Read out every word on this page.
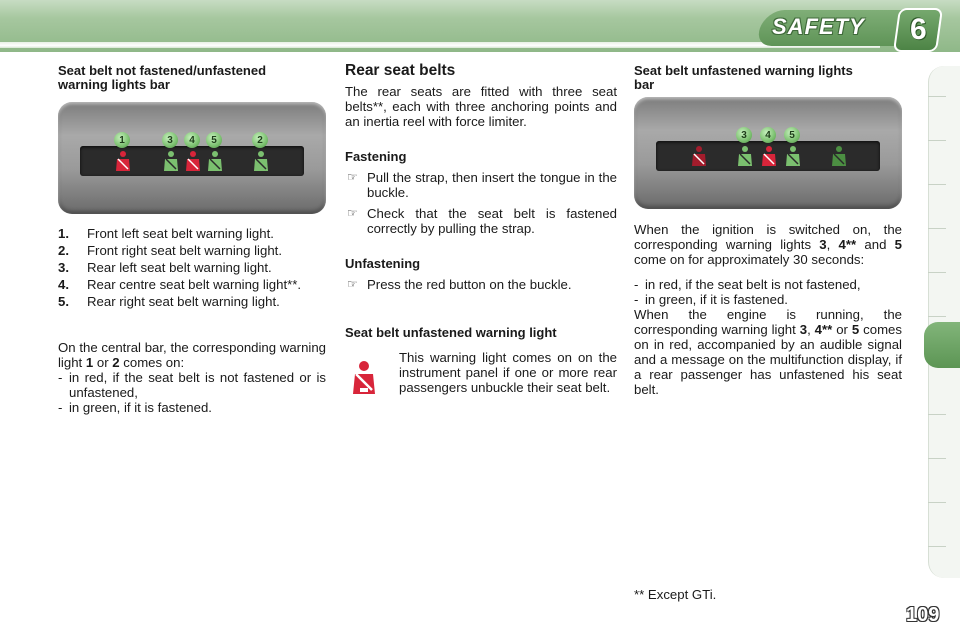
SAFETY	6
Seat belt not fastened/unfastened warning lights bar
1	3	4	5	2
1.	Front left seat belt warning light.
2.	Front right seat belt warning light.
3.	Rear left seat belt warning light.
4.	Rear centre seat belt warning light**.
5.	Rear right seat belt warning light.
On the central bar, the corresponding warning light 1 or 2 comes on:
- in red, if the seat belt is not fastened or is unfastened,
- in green, if it is fastened.
Rear seat belts
The rear seats are fitted with three seat belts**, each with three anchoring points and an inertia reel with force limiter.
Fastening
☞ Pull the strap, then insert the tongue in the buckle.
☞ Check that the seat belt is fastened correctly by pulling the strap.
Unfastening
☞ Press the red button on the buckle.
Seat belt unfastened warning light
This warning light comes on on the instrument panel if one or more rear passengers unbuckle their seat belt.
Seat belt unfastened warning lights bar
3	4	5
When the ignition is switched on, the corresponding warning lights 3, 4** and 5 come on for approximately 30 seconds:
- in red, if the seat belt is not fastened,
- in green, if it is fastened.
When the engine is running, the corresponding warning light 3, 4** or 5 comes on in red, accompanied by an audible signal and a message on the multifunction display, if a rear passenger has unfastened his seat belt.
** Except GTi.
109
